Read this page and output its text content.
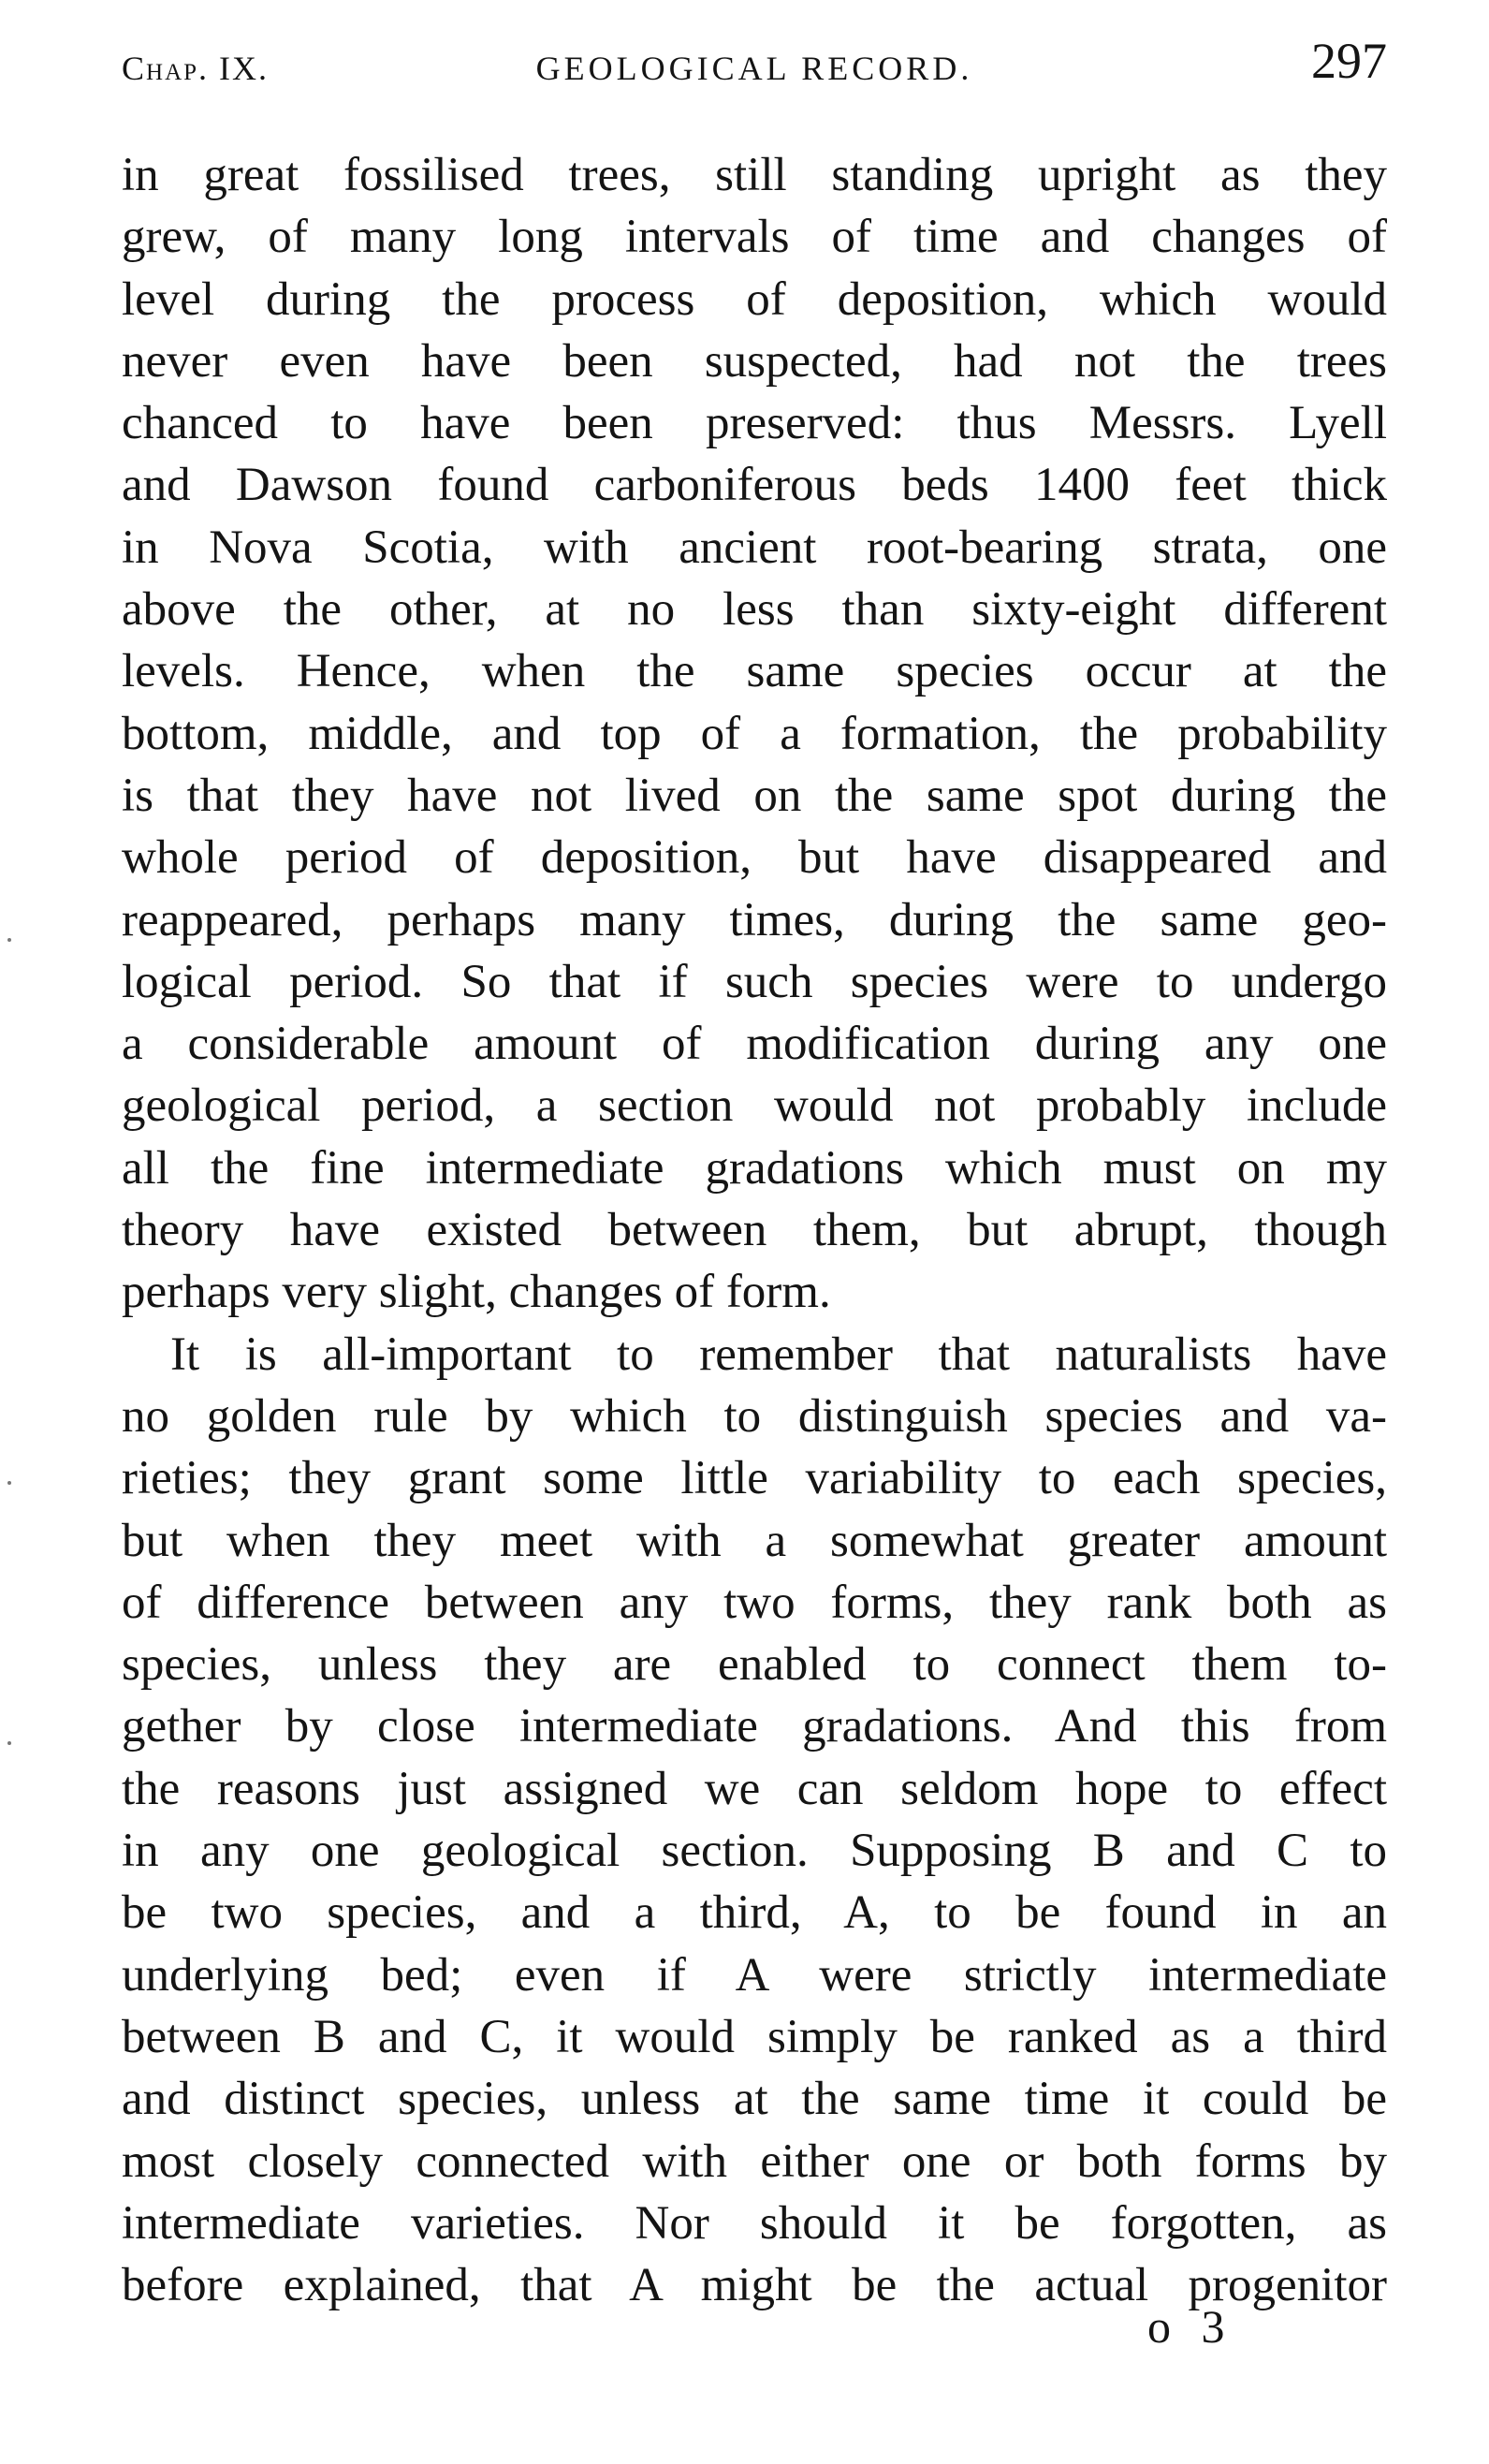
Chap. IX.	GEOLOGICAL RECORD.	297
in great fossilised trees, still standing upright as they
grew, of many long intervals of time and changes of
level during the process of deposition, which would
never even have been suspected, had not the trees
chanced to have been preserved: thus Messrs. Lyell
and Dawson found carboniferous beds 1400 feet thick
in Nova Scotia, with ancient root-bearing strata, one
above the other, at no less than sixty-eight different
levels. Hence, when the same species occur at the
bottom, middle, and top of a formation, the probability
is that they have not lived on the same spot during the
whole period of deposition, but have disappeared and
reappeared, perhaps many times, during the same geo-
logical period. So that if such species were to undergo
a considerable amount of modification during any one
geological period, a section would not probably include
all the fine intermediate gradations which must on my
theory have existed between them, but abrupt, though
perhaps very slight, changes of form.
It is all-important to remember that naturalists have
no golden rule by which to distinguish species and va-
rieties; they grant some little variability to each species,
but when they meet with a somewhat greater amount
of difference between any two forms, they rank both as
species, unless they are enabled to connect them to-
gether by close intermediate gradations. And this from
the reasons just assigned we can seldom hope to effect
in any one geological section. Supposing B and C to
be two species, and a third, A, to be found in an
underlying bed; even if A were strictly intermediate
between B and C, it would simply be ranked as a third
and distinct species, unless at the same time it could be
most closely connected with either one or both forms by
intermediate varieties. Nor should it be forgotten, as
before explained, that A might be the actual progenitor
o 3
